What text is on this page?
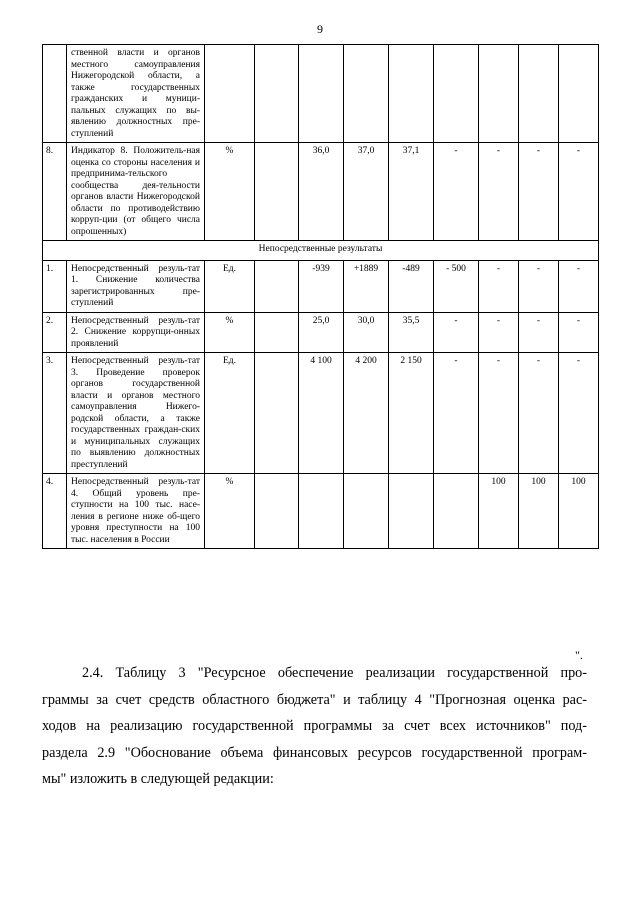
9
	ственной власти и органов местного самоуправления Нижегородской области, а также государственных гражданских и муници-пальных служащих по вы-явлению должностных пре-ступлений										
8.	Индикатор 8. Положитель-ная оценка со стороны населения и предпринима-тельского сообщества дея-тельности органов власти Нижегородской области по противодействию корруп-ции (от общего числа опрошенных)	%		36,0	37,0	37,1	-	-	-	-	
Непосредственные результаты											
1.	Непосредственный резуль-тат 1. Снижение количества зарегистрированных пре-ступлений	Ед.		-939	+1889	-489	- 500	-	-	-	
2.	Непосредственный резуль-тат 2. Снижение коррупци-онных проявлений	%		25,0	30,0	35,5	-	-	-	-	
3.	Непосредственный резуль-тат 3. Проведение проверок органов государственной власти и органов местного самоуправления Нижего-родской области, а также государственных граждан-ских и муниципальных служащих по выявлению должностных преступлений	Ед.		4 100	4 200	2 150	-	-	-	-	
4.	Непосредственный резуль-тат 4. Общий уровень пре-ступности на 100 тыс. насе-ления в регионе ниже об-щего уровня преступности на 100 тыс. населения в России	%						100	100	100	
".
2.4. Таблицу 3 "Ресурсное обеспечение реализации государственной про-
граммы за счет средств областного бюджета" и таблицу 4 "Прогнозная оценка рас-
ходов на реализацию государственной программы за счет всех источников" под-
раздела 2.9 "Обоснование объема финансовых ресурсов государственной програм-
мы" изложить в следующей редакции:
